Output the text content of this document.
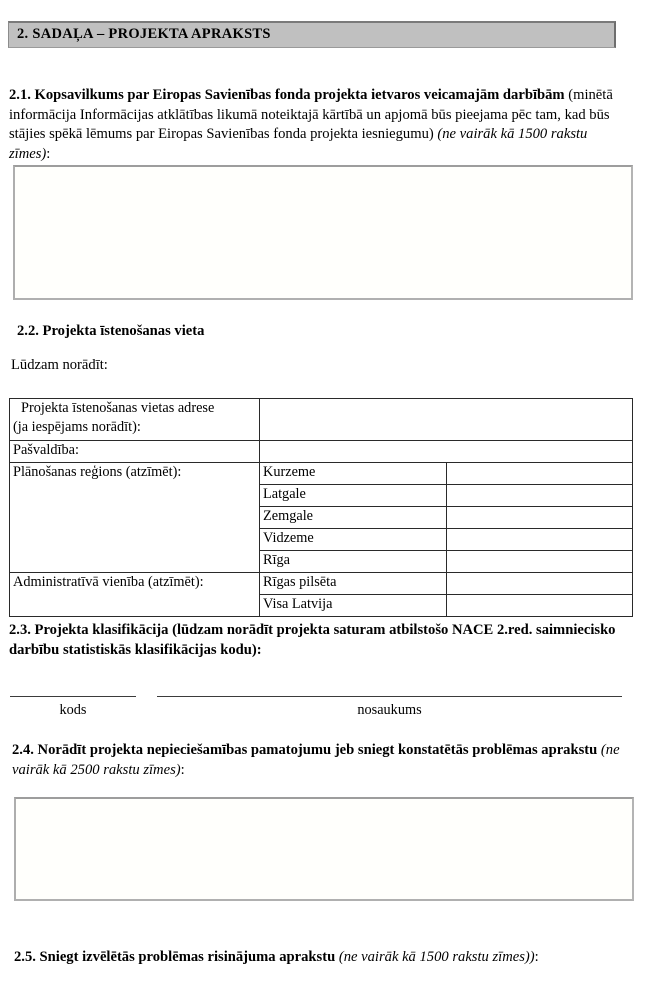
2. SADAĻA – PROJEKTA APRAKSTS
2.1. Kopsavilkums par Eiropas Savienības fonda projekta ietvaros veicamajām darbībām (minētā informācija Informācijas atklātības likumā noteiktajā kārtībā un apjomā būs pieejama pēc tam, kad būs stājies spēkā lēmums par Eiropas Savienības fonda projekta iesniegumu) (ne vairāk kā 1500 rakstu zīmes):
2.2. Projekta īstenošanas vieta
Lūdzam norādīt:
Projekta īstenošanas vietas adrese
(ja iespējams norādīt):		

Pašvaldība:		
Plānošanas reģions (atzīmēt):	Kurzeme	
	Latgale	
	Zemgale	
	Vidzeme	
	Rīga	
Administratīvā vienība (atzīmēt):	Rīgas pilsēta	
	Visa Latvija	
2.3. Projekta klasifikācija (lūdzam norādīt projekta saturam atbilstošo NACE 2.red. saimniecisko darbību statistiskās klasifikācijas kodu):
kods	nosaukums
2.4. Norādīt projekta nepieciešamības pamatojumu jeb sniegt konstatētās problēmas aprakstu (ne vairāk kā 2500 rakstu zīmes):
2.5. Sniegt izvēlētās problēmas risinājuma aprakstu (ne vairāk kā 1500 rakstu zīmes)):
